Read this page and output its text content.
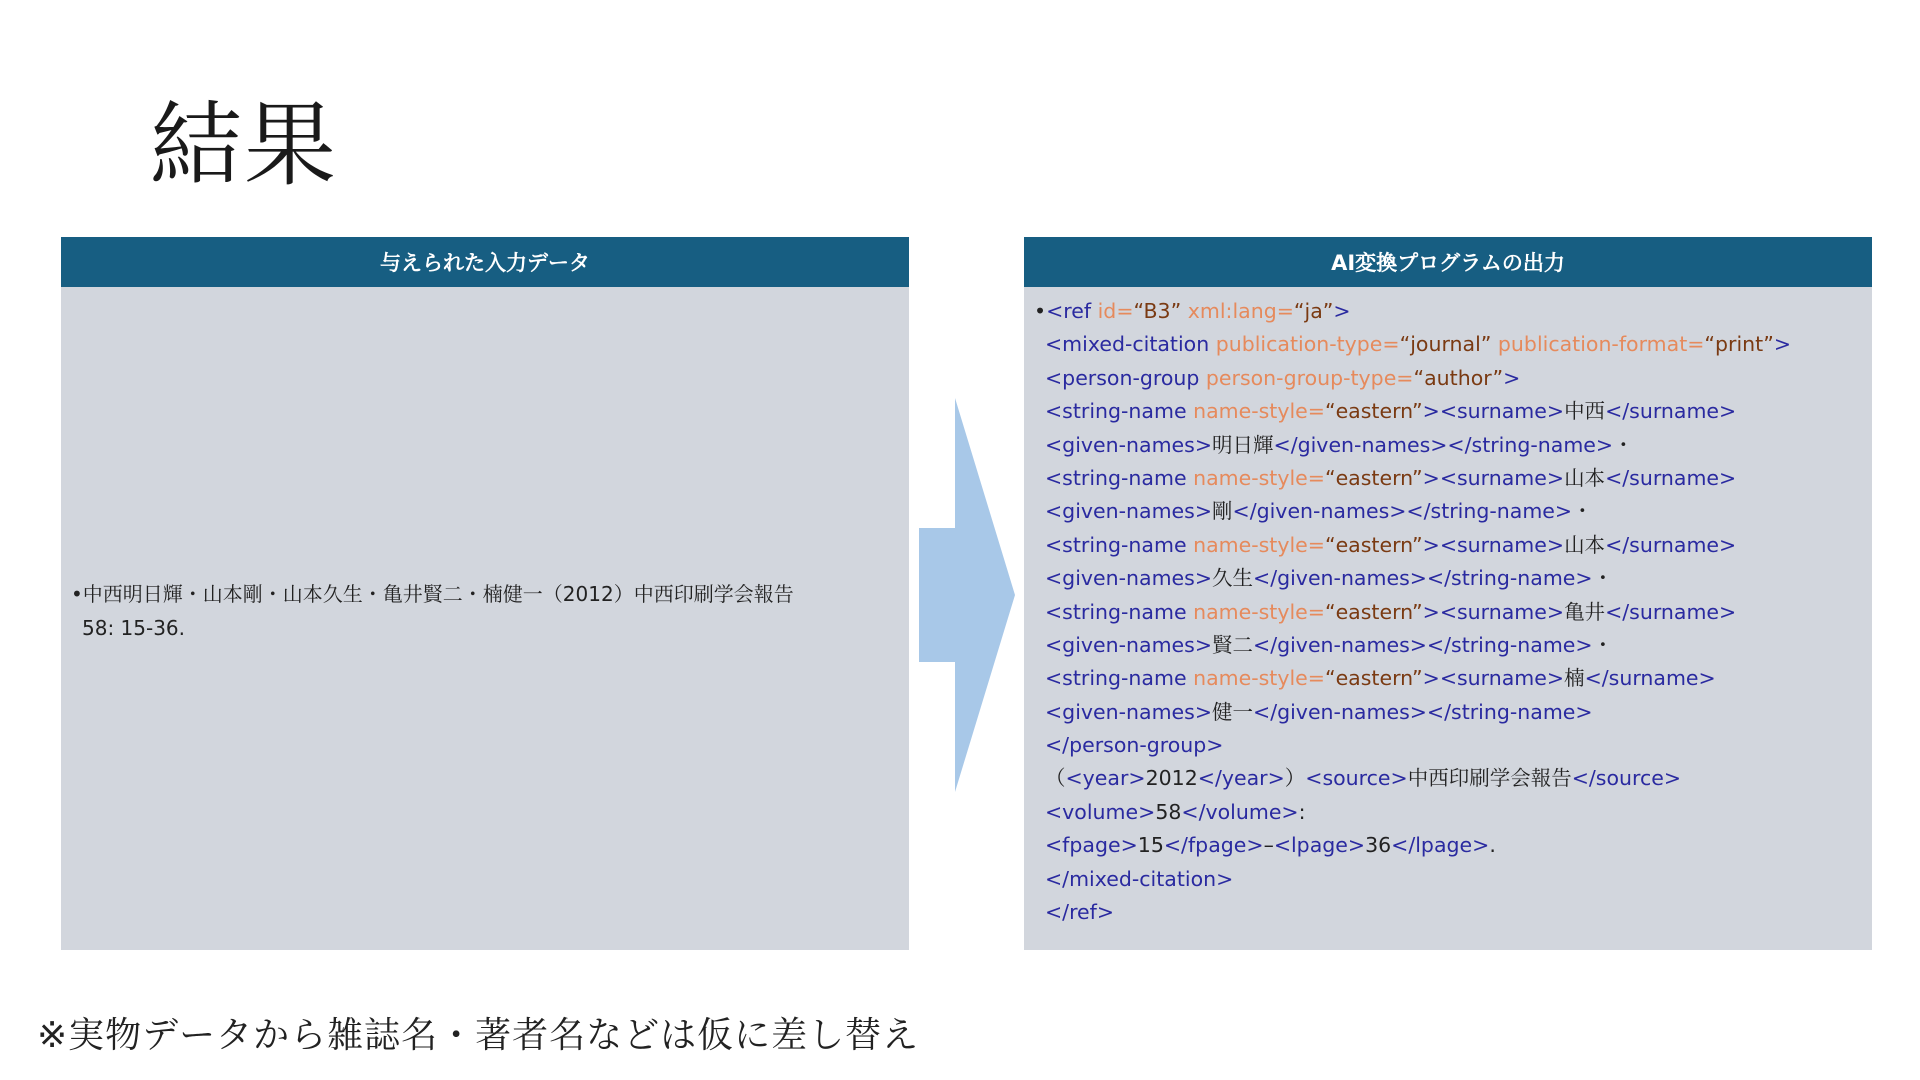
結果
与えられた入力データ
•中西明日輝・山本剛・山本久生・亀井賢二・楠健一（2012）中西印刷学会報告
58: 15-36.
AI変換プログラムの出力
•<ref id=“B3” xml:lang=“ja”>
<mixed-citation publication-type=“journal” publication-format=“print”>
<person-group person-group-type=“author”>
<string-name name-style=“eastern”><surname>中西</surname>
<given-names>明日輝</given-names></string-name>・
<string-name name-style=“eastern”><surname>山本</surname>
<given-names>剛</given-names></string-name>・
<string-name name-style=“eastern”><surname>山本</surname>
<given-names>久生</given-names></string-name>・
<string-name name-style=“eastern”><surname>亀井</surname>
<given-names>賢二</given-names></string-name>・
<string-name name-style=“eastern”><surname>楠</surname>
<given-names>健一</given-names></string-name>
</person-group>
（<year>2012</year>）<source>中西印刷学会報告</source>
<volume>58</volume>:
<fpage>15</fpage>–<lpage>36</lpage>.
</mixed-citation>
</ref>
※実物データから雑誌名・著者名などは仮に差し替え
